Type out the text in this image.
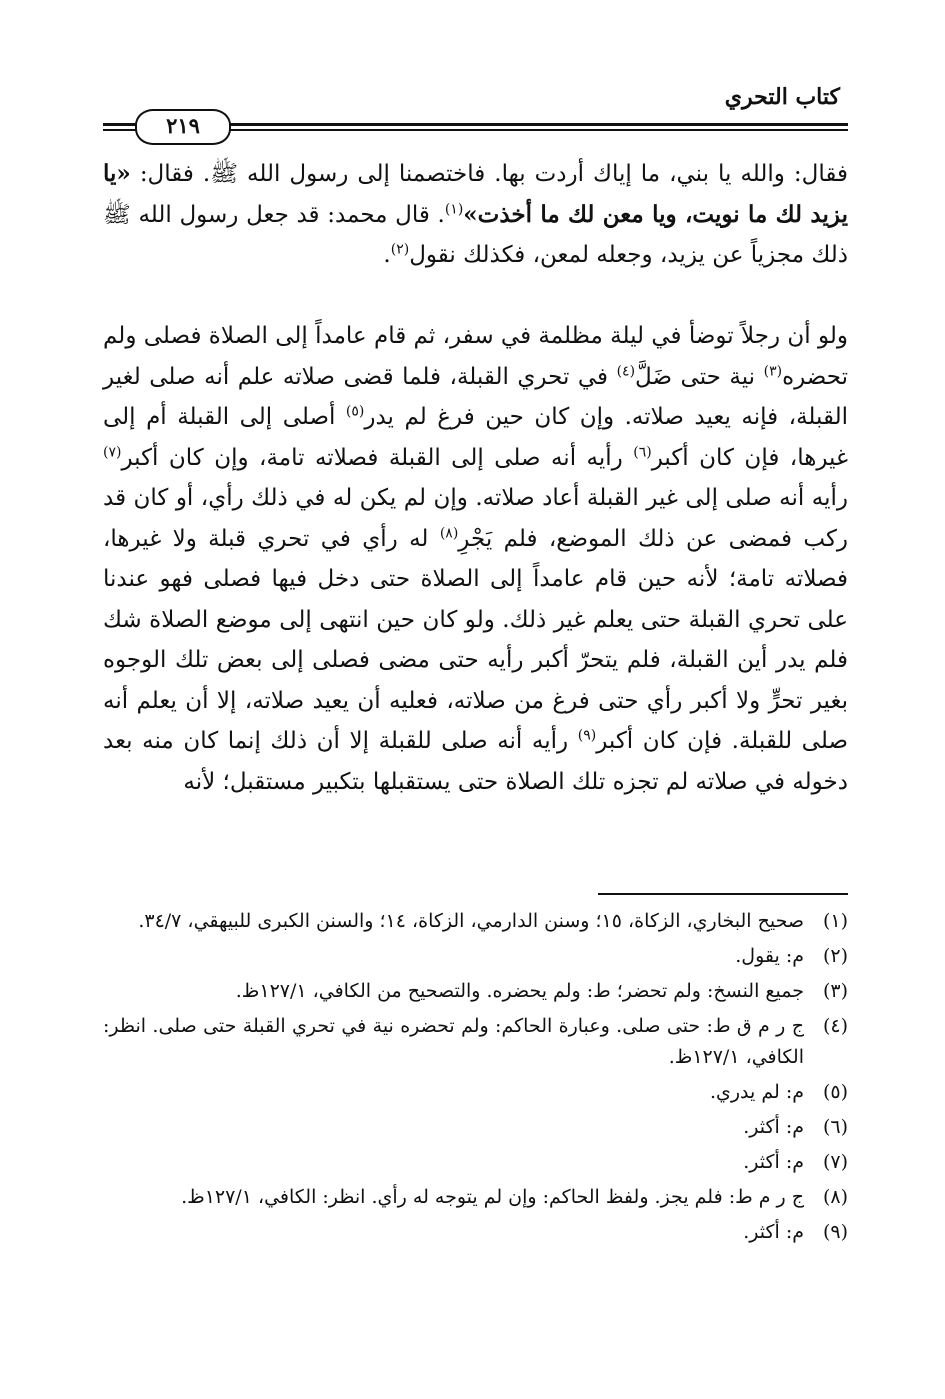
كتاب التحري
٢١٩

فقال: والله يا بني، ما إياك أردت بها. فاختصمنا إلى رسول الله ﷺ. فقال: «يا يزيد لك ما نويت، ويا معن لك ما أخذت»$^{(١)}$. قال محمد: قد جعل رسول الله ﷺ ذلك مجزياً عن يزيد، وجعله لمعن، فكذلك نقول$^{(٢)}$.

ولو أن رجلاً توضأ في ليلة مظلمة في سفر، ثم قام عامداً إلى الصلاة فصلى ولم تحضره$^{(٣)}$ نية حتى ضَلَّ$^{(٤)}$ في تحري القبلة، فلما قضى صلاته علم أنه صلى لغير القبلة، فإنه يعيد صلاته. وإن كان حين فرغ لم يدر$^{(٥)}$ أصلى إلى القبلة أم إلى غيرها، فإن كان أكبر$^{(٦)}$ رأيه أنه صلى إلى القبلة فصلاته تامة، وإن كان أكبر$^{(٧)}$ رأيه أنه صلى إلى غير القبلة أعاد صلاته. وإن لم يكن له في ذلك رأي، أو كان قد ركب فمضى عن ذلك الموضع، فلم يَجْرِ$^{(٨)}$ له رأي في تحري قبلة ولا غيرها، فصلاته تامة؛ لأنه حين قام عامداً إلى الصلاة حتى دخل فيها فصلى فهو عندنا على تحري القبلة حتى يعلم غير ذلك. ولو كان حين انتهى إلى موضع الصلاة شك فلم يدر أين القبلة، فلم يتحرّ أكبر رأيه حتى مضى فصلى إلى بعض تلك الوجوه بغير تحرٍّ ولا أكبر رأي حتى فرغ من صلاته، فعليه أن يعيد صلاته، إلا أن يعلم أنه صلى للقبلة. فإن كان أكبر$^{(٩)}$ رأيه أنه صلى للقبلة إلا أن ذلك إنما كان منه بعد دخوله في صلاته لم تجزه تلك الصلاة حتى يستقبلها بتكبير مستقبل؛ لأنه

(١)
صحيح البخاري، الزكاة، ١٥؛ وسنن الدارمي، الزكاة، ١٤؛ والسنن الكبرى للبيهقي، ٣٤/٧.
(٢)
م: يقول.
(٣)
جميع النسخ: ولم تحضر؛ ط: ولم يحضره. والتصحيح من الكافي، ١٢٧/١ظ.
(٤)
ج ر م ق ط: حتى صلى. وعبارة الحاكم: ولم تحضره نية في تحري القبلة حتى صلى. انظر: الكافي، ١٢٧/١ظ.
(٥)
م: لم يدري.
(٦)
م: أكثر.
(٧)
م: أكثر.
(٨)
ج ر م ط: فلم يجز. ولفظ الحاكم: وإن لم يتوجه له رأي. انظر: الكافي، ١٢٧/١ظ.
(٩)
م: أكثر.
